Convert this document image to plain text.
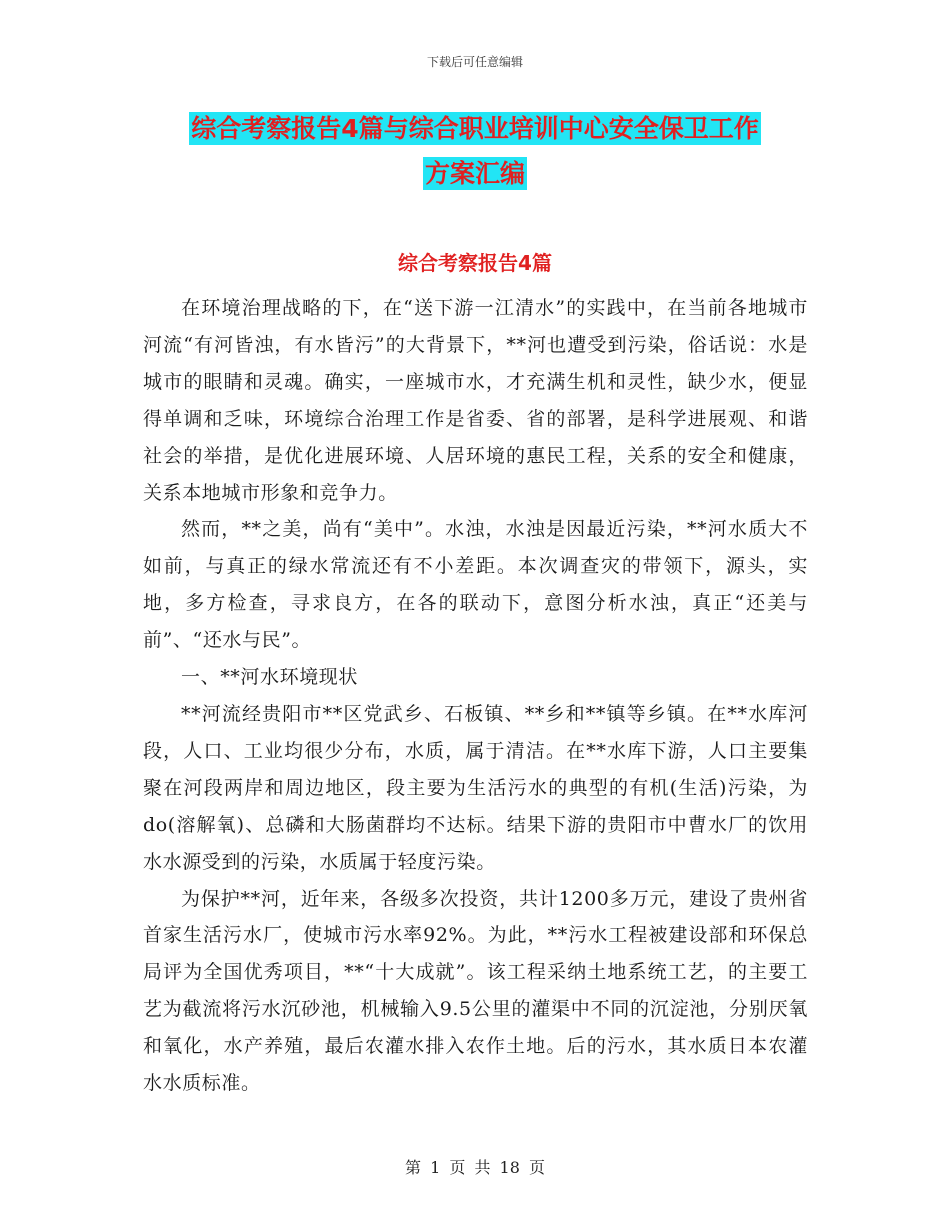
下载后可任意编辑
综合考察报告4篇与综合职业培训中心安全保卫工作
方案汇编
综合考察报告4篇

在环境治理战略的下，在“送下游一江清水”的实践中，在当前各地城市河流“有河皆浊，有水皆污”的大背景下，**河也遭受到污染，俗话说：水是城市的眼睛和灵魂。确实，一座城市水，才充满生机和灵性，缺少水，便显得单调和乏味，环境综合治理工作是省委、省的部署，是科学进展观、和谐社会的举措，是优化进展环境、人居环境的惠民工程，关系的安全和健康，关系本地城市形象和竞争力。

然而，**之美，尚有“美中”。水浊，水浊是因最近污染，**河水质大不如前，与真正的绿水常流还有不小差距。本次调查灾的带领下，源头，实地，多方检查，寻求良方，在各的联动下，意图分析水浊，真正“还美与前”、“还水与民”。

一、**河水环境现状

**河流经贵阳市**区党武乡、石板镇、**乡和**镇等乡镇。在**水库河段，人口、工业均很少分布，水质，属于清洁。在**水库下游，人口主要集聚在河段两岸和周边地区，段主要为生活污水的典型的有机(生活)污染，为do(溶解氧)、总磷和大肠菌群均不达标。结果下游的贵阳市中曹水厂的饮用水水源受到的污染，水质属于轻度污染。

为保护**河，近年来，各级多次投资，共计1200多万元，建设了贵州省首家生活污水厂，使城市污水率92%。为此，**污水工程被建设部和环保总局评为全国优秀项目，**“十大成就”。该工程采纳土地系统工艺，的主要工艺为截流将污水沉砂池，机械输入9.5公里的灌渠中不同的沉淀池，分别厌氧和氧化，水产养殖，最后农灌水排入农作土地。后的污水，其水质日本农灌水水质标准。

第 1 页 共 18 页
